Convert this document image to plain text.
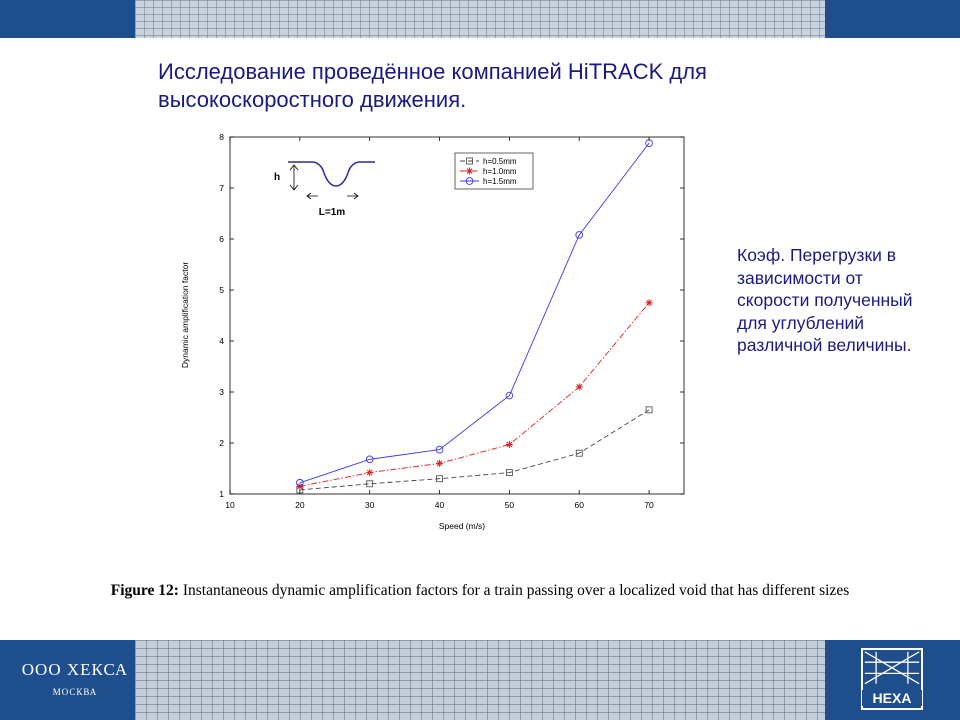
Исследование проведённое компанией HiTRACK для высокоскоростного движения.
10	20	30	40	50	60	70
1
2
3
4
5
6
7
8
Speed (m/s)
Dynamic amplification factor
h=0.5mm
h=1.0mm
h=1.5mm
h
L=1m
Коэф. Перегрузки в зависимости от скорости полученный для углублений различной величины.
Figure 12: Instantaneous dynamic amplification factors for a train passing over a localized void that has different sizes
ООО ХЕКСА
МОСКВА	HEXA
